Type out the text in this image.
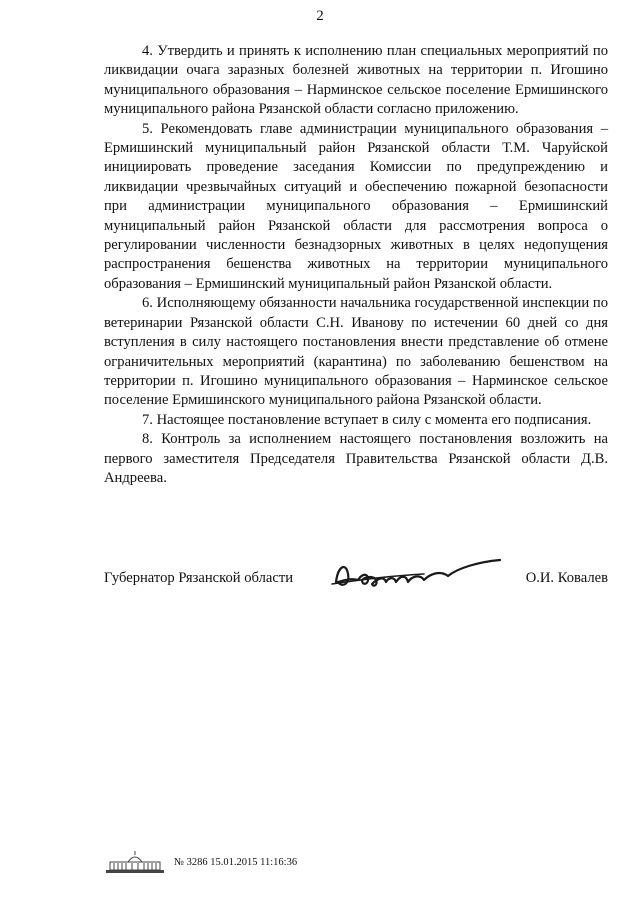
2

4. Утвердить и принять к исполнению план специальных мероприятий по ликвидации очага заразных болезней животных на территории п. Игошино муниципального образования – Нарминское сельское поселение Ермишинского муниципального района Рязанской области согласно приложению.

5. Рекомендовать главе администрации муниципального образования – Ермишинский муниципальный район Рязанской области Т.М. Чаруйской инициировать проведение заседания Комиссии по предупреждению и ликвидации чрезвычайных ситуаций и обеспечению пожарной безопасности при администрации муниципального образования – Ермишинский муниципальный район Рязанской области для рассмотрения вопроса о регулировании численности безнадзорных животных в целях недопущения распространения бешенства животных на территории муниципального образования – Ермишинский муниципальный район Рязанской области.

6. Исполняющему обязанности начальника государственной инспекции по ветеринарии Рязанской области С.Н. Иванову по истечении 60 дней со дня вступления в силу настоящего постановления внести представление об отмене ограничительных мероприятий (карантина) по заболеванию бешенством на территории п. Игошино муниципального образования – Нарминское сельское поселение Ермишинского муниципального района Рязанской области.

7. Настоящее постановление вступает в силу с момента его подписания.

8. Контроль за исполнением настоящего постановления возложить на первого заместителя Председателя Правительства Рязанской области Д.В. Андреева.

Губернатор Рязанской области	О.И. Ковалев
№ 3286 15.01.2015 11:16:36
